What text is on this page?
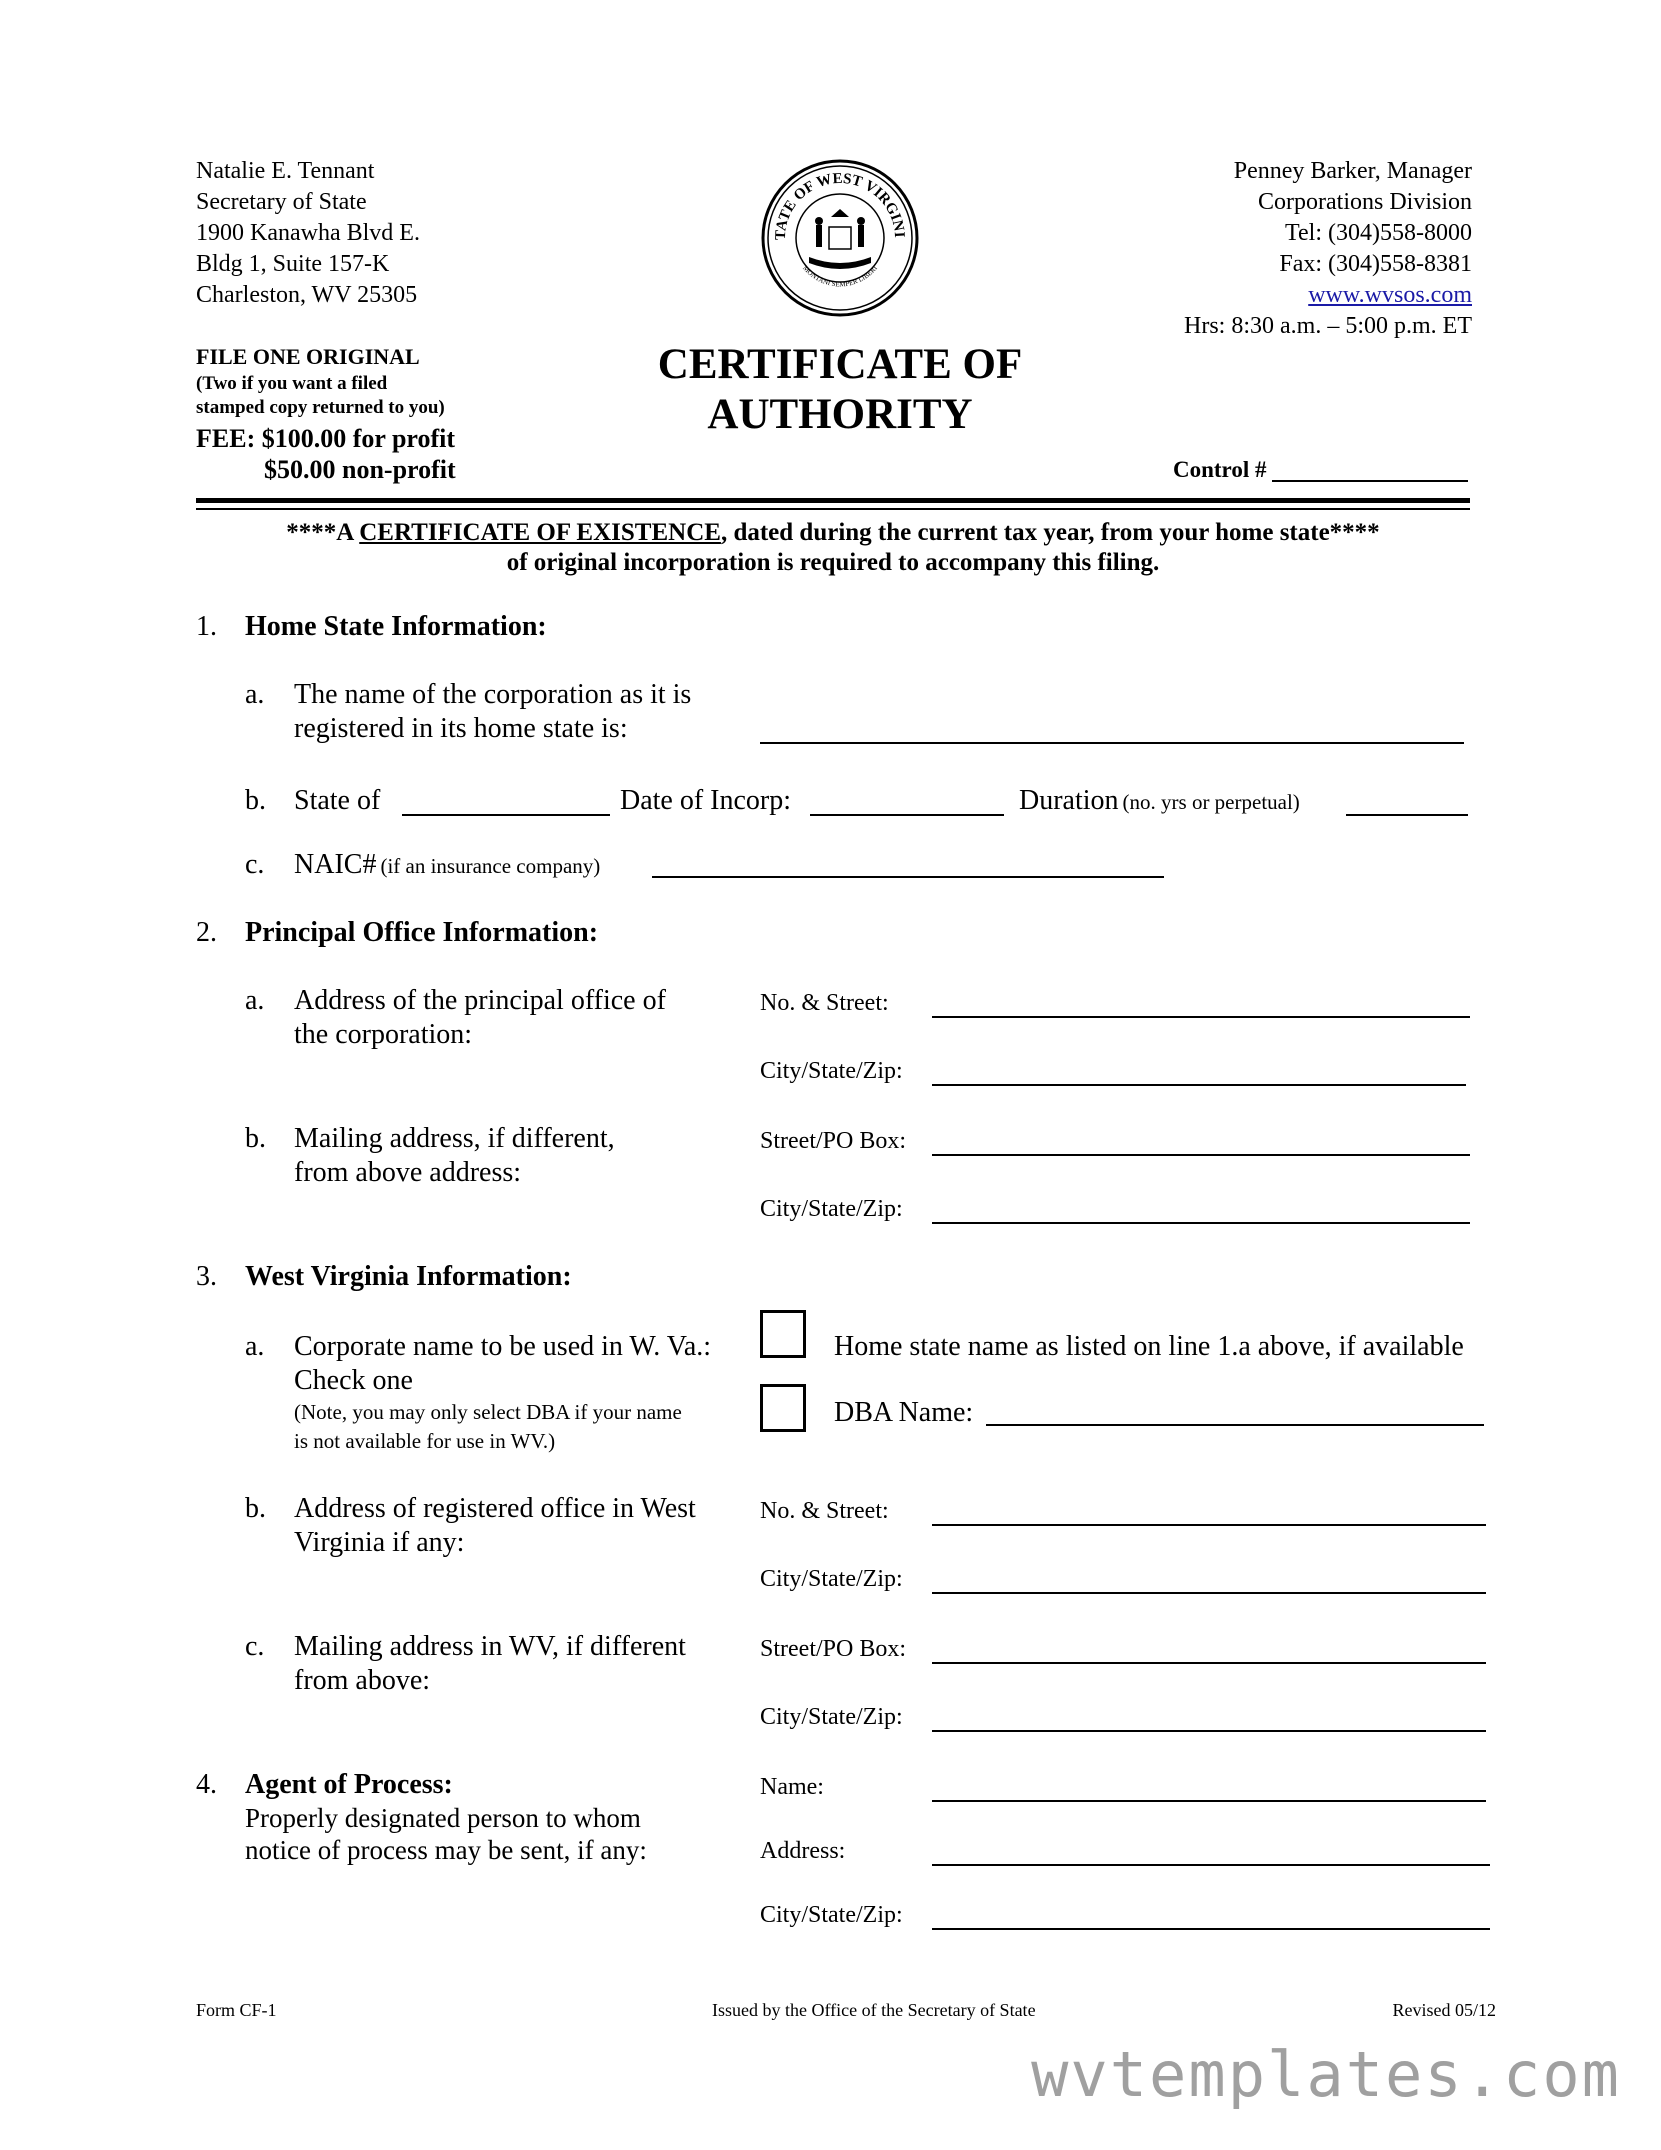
Natalie E. Tennant
Secretary of State
1900 Kanawha Blvd E.
Bldg 1, Suite 157-K
Charleston, WV 25305
Penney Barker, Manager
Corporations Division
Tel: (304)558-8000
Fax: (304)558-8381
www.wvsos.com
Hrs: 8:30 a.m. – 5:00 p.m. ET
TATE OF WEST VIRGINI
MONTANI SEMPER LIBERI
FILE ONE ORIGINAL
(Two if you want a filed
stamped copy returned to you)
FEE: $100.00 for profit
$50.00 non-profit
CERTIFICATE OF
AUTHORITY
Control #
****A CERTIFICATE OF EXISTENCE, dated during the current tax year, from your home state****
of original incorporation is required to accompany this filing.
1. Home State Information:
a. The name of the corporation as it is
registered in its home state is:
b. State of	Date of Incorp:	Duration (no. yrs or perpetual)
c. NAIC# (if an insurance company)
2. Principal Office Information:
a. Address of the principal office of
the corporation:
No. & Street:
City/State/Zip:
b. Mailing address, if different,
from above address:
Street/PO Box:
City/State/Zip:
3. West Virginia Information:
a. Corporate name to be used in W. Va.:
Check one
(Note, you may only select DBA if your name
is not available for use in WV.)
Home state name as listed on line 1.a above, if available
DBA Name:
b. Address of registered office in West
Virginia if any:
No. & Street:
City/State/Zip:
c. Mailing address in WV, if different
from above:
Street/PO Box:
City/State/Zip:
4. Agent of Process:
Properly designated person to whom
notice of process may be sent, if any:
Name:
Address:
City/State/Zip:
Form CF-1	Issued by the Office of the Secretary of State	Revised 05/12
wvtemplates.com
